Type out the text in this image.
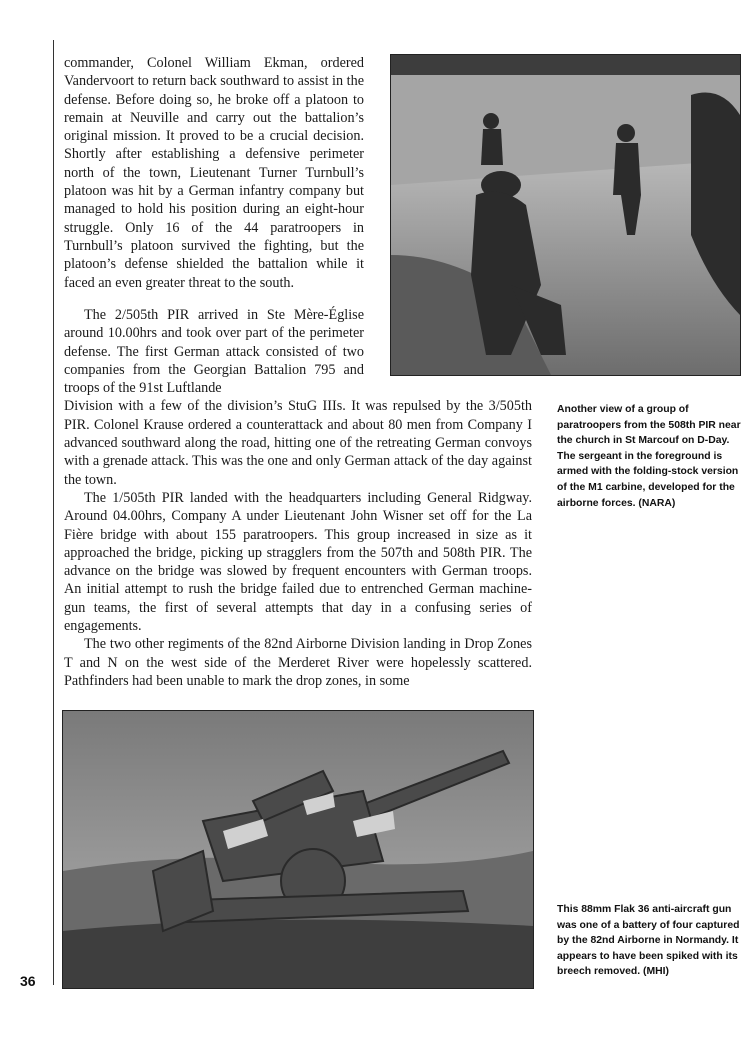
commander, Colonel William Ekman, ordered Vandervoort to return back southward to assist in the defense. Before doing so, he broke off a platoon to remain at Neuville and carry out the battalion’s original mission. It proved to be a crucial decision. Shortly after establishing a defensive perimeter north of the town, Lieutenant Turner Turnbull’s platoon was hit by a German infantry company but managed to hold his position during an eight-hour struggle. Only 16 of the 44 paratroopers in Turnbull’s platoon survived the fighting, but the platoon’s defense shielded the battalion while it faced an even greater threat to the south.

The 2/505th PIR arrived in Ste Mère-Église around 10.00hrs and took over part of the perimeter defense. The first German attack consisted of two companies from the Georgian Battalion 795 and troops of the 91st Luftlande
Division with a few of the division’s StuG IIIs. It was repulsed by the 3/505th PIR. Colonel Krause ordered a counterattack and about 80 men from Company I advanced southward along the road, hitting one of the retreating German convoys with a grenade attack. This was the one and only German attack of the day against the town.
The 1/505th PIR landed with the headquarters including General Ridgway. Around 04.00hrs, Company A under Lieutenant John Wisner set off for the La Fière bridge with about 155 paratroopers. This group increased in size as it approached the bridge, picking up stragglers from the 507th and 508th PIR. The advance on the bridge was slowed by frequent encounters with German troops. An initial attempt to rush the bridge failed due to entrenched German machine-gun teams, the first of several attempts that day in a confusing series of engagements.
The two other regiments of the 82nd Airborne Division landing in Drop Zones T and N on the west side of the Merderet River were hopelessly scattered. Pathfinders had been unable to mark the drop zones, in some

Another view of a group of paratroopers from the 508th PIR near the church in St Marcouf on D-Day. The sergeant in the foreground is armed with the folding-stock version of the M1 carbine, developed for the airborne forces. (NARA)

This 88mm Flak 36 anti-aircraft gun was one of a battery of four captured by the 82nd Airborne in Normandy. It appears to have been spiked with its breech removed. (MHI)

36
